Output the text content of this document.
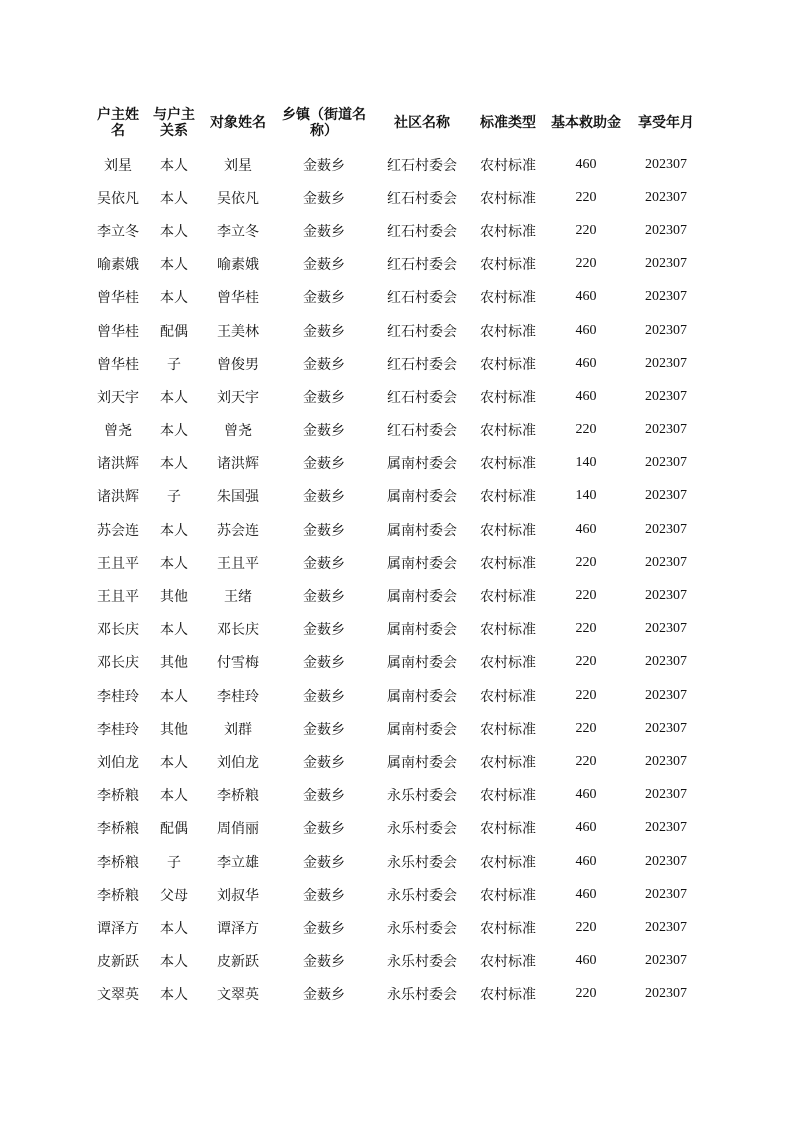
户主姓名	与户主关系	对象姓名	乡镇（街道名称）	社区名称	标准类型	基本救助金	享受年月
刘星	本人	刘星	金薮乡	红石村委会	农村标准	460	202307
吴依凡	本人	吴依凡	金薮乡	红石村委会	农村标准	220	202307
李立冬	本人	李立冬	金薮乡	红石村委会	农村标准	220	202307
喻素娥	本人	喻素娥	金薮乡	红石村委会	农村标准	220	202307
曾华桂	本人	曾华桂	金薮乡	红石村委会	农村标准	460	202307
曾华桂	配偶	王美林	金薮乡	红石村委会	农村标准	460	202307
曾华桂	子	曾俊男	金薮乡	红石村委会	农村标准	460	202307
刘天宇	本人	刘天宇	金薮乡	红石村委会	农村标准	460	202307
曾尧	本人	曾尧	金薮乡	红石村委会	农村标准	220	202307
诸洪辉	本人	诸洪辉	金薮乡	属南村委会	农村标准	140	202307
诸洪辉	子	朱国强	金薮乡	属南村委会	农村标准	140	202307
苏会连	本人	苏会连	金薮乡	属南村委会	农村标准	460	202307
王且平	本人	王且平	金薮乡	属南村委会	农村标准	220	202307
王且平	其他	王绪	金薮乡	属南村委会	农村标准	220	202307
邓长庆	本人	邓长庆	金薮乡	属南村委会	农村标准	220	202307
邓长庆	其他	付雪梅	金薮乡	属南村委会	农村标准	220	202307
李桂玲	本人	李桂玲	金薮乡	属南村委会	农村标准	220	202307
李桂玲	其他	刘群	金薮乡	属南村委会	农村标准	220	202307
刘伯龙	本人	刘伯龙	金薮乡	属南村委会	农村标准	220	202307
李桥粮	本人	李桥粮	金薮乡	永乐村委会	农村标准	460	202307
李桥粮	配偶	周俏丽	金薮乡	永乐村委会	农村标准	460	202307
李桥粮	子	李立雄	金薮乡	永乐村委会	农村标准	460	202307
李桥粮	父母	刘叔华	金薮乡	永乐村委会	农村标准	460	202307
谭泽方	本人	谭泽方	金薮乡	永乐村委会	农村标准	220	202307
皮新跃	本人	皮新跃	金薮乡	永乐村委会	农村标准	460	202307
文翠英	本人	文翠英	金薮乡	永乐村委会	农村标准	220	202307
